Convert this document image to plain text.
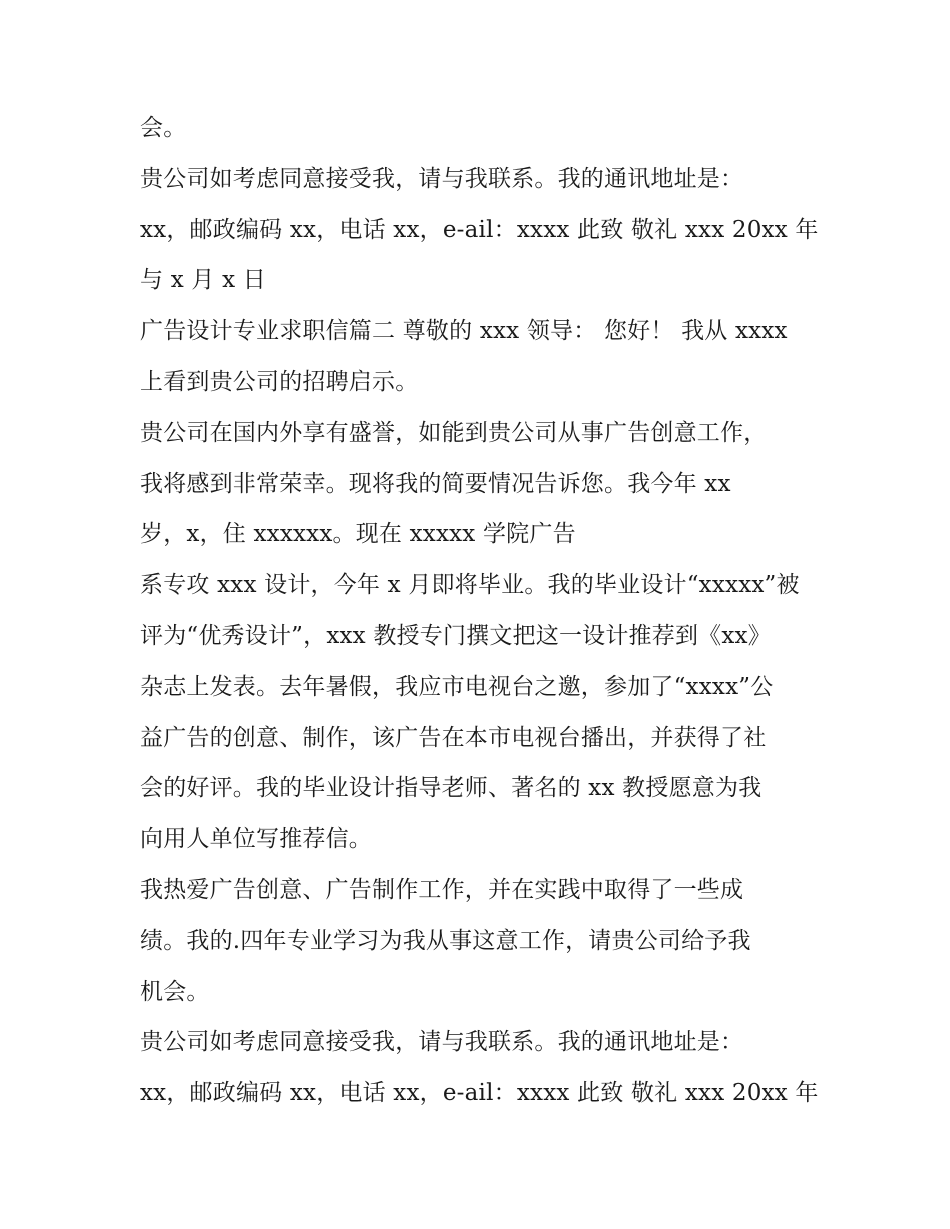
会。
贵公司如考虑同意接受我，请与我联系。我的通讯地址是：
xx，邮政编码 xx，电话 xx，e-ail：xxxx 此致 敬礼 xxx 20xx 年
与 x 月 x 日
广告设计专业求职信篇二 尊敬的 xxx 领导： 您好！ 我从 xxxx
上看到贵公司的招聘启示。
贵公司在国内外享有盛誉，如能到贵公司从事广告创意工作，
我将感到非常荣幸。现将我的简要情况告诉您。我今年 xx
岁，x，住 xxxxxx。现在 xxxxx 学院广告
系专攻 xxx 设计，今年 x 月即将毕业。我的毕业设计“xxxxx”被
评为“优秀设计”，xxx 教授专门撰文把这一设计推荐到《xx》
杂志上发表。去年暑假，我应市电视台之邀，参加了“xxxx”公
益广告的创意、制作，该广告在本市电视台播出，并获得了社
会的好评。我的毕业设计指导老师、著名的 xx 教授愿意为我
向用人单位写推荐信。
我热爱广告创意、广告制作工作，并在实践中取得了一些成
绩。我的.四年专业学习为我从事这意工作，请贵公司给予我
机会。
贵公司如考虑同意接受我，请与我联系。我的通讯地址是：
xx，邮政编码 xx，电话 xx，e-ail：xxxx 此致 敬礼 xxx 20xx 年
